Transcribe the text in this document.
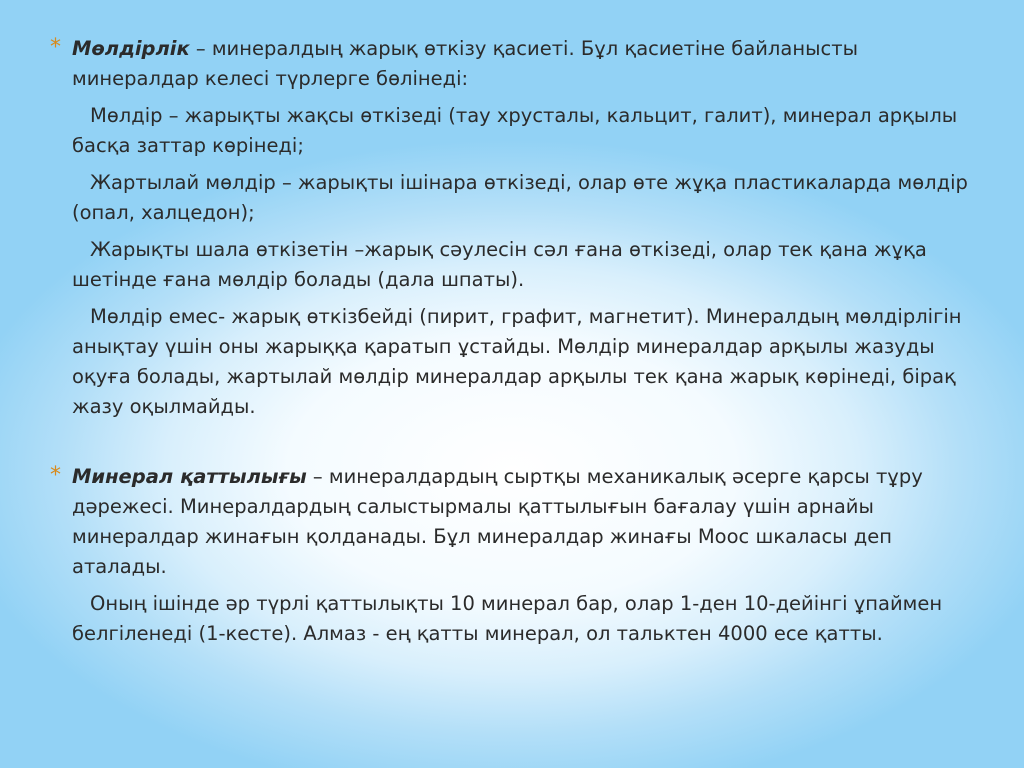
* Мөлдірлік – минералдың жарық өткізу қасиеті. Бұл қасиетіне байланысты минералдар келесі түрлерге бөлінеді:

Мөлдір – жарықты жақсы өткізеді (тау хрусталы, кальцит, галит), минерал арқылы басқа заттар көрінеді;

Жартылай мөлдір – жарықты ішінара өткізеді, олар өте жұқа пластикаларда мөлдір (опал, халцедон);

Жарықты шала өткізетін –жарық сәулесін сәл ғана өткізеді, олар тек қана жұқа шетінде ғана мөлдір болады (дала шпаты).

Мөлдір емес- жарық өткізбейді (пирит, графит, магнетит). Минералдың мөлдірлігін анықтау үшін оны жарыққа қаратып ұстайды. Мөлдір минералдар арқылы жазуды оқуға болады, жартылай мөлдір минералдар арқылы тек қана жарық көрінеді, бірақ жазу оқылмайды.

* Минерал қаттылығы – минералдардың сыртқы механикалық әсерге қарсы тұру дәрежесі. Минералдардың салыстырмалы қаттылығын бағалау үшін арнайы минералдар жинағын қолданады. Бұл минералдар жинағы Моос шкаласы деп аталады.

Оның ішінде әр түрлі қаттылықты 10 минерал бар, олар 1-ден 10-дейінгі ұпаймен белгіленеді (1-кесте). Алмаз - ең қатты минерал, ол тальктен 4000 есе қатты.
